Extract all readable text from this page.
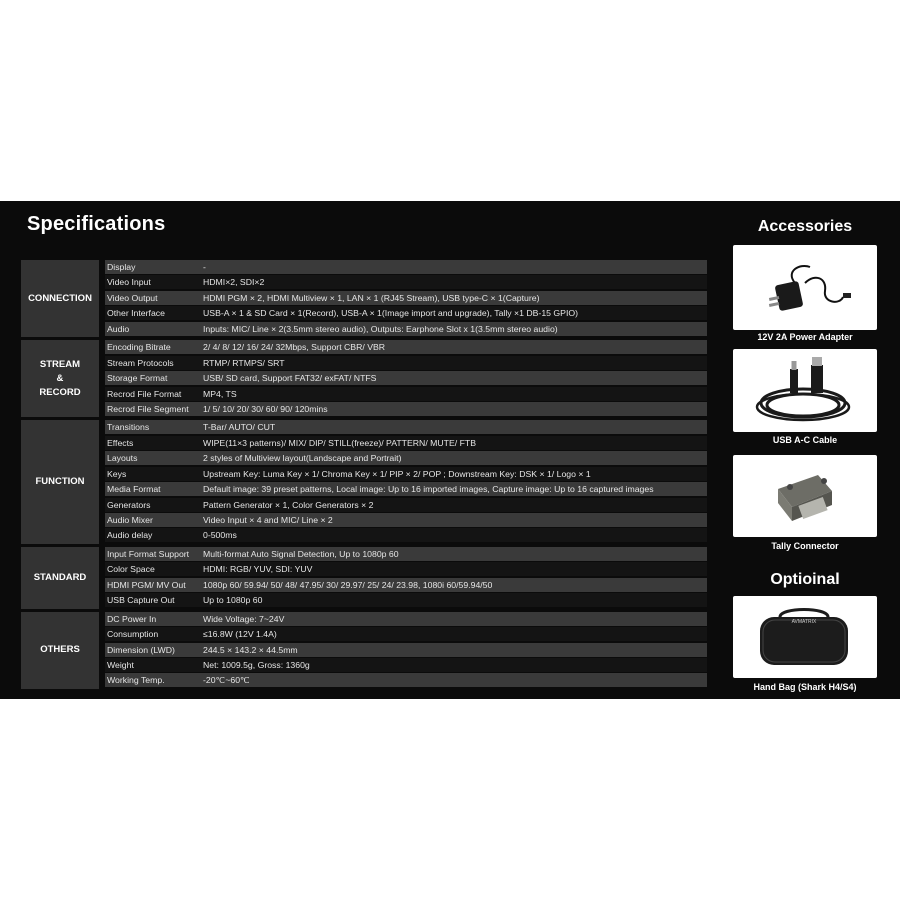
Specifications
CONNECTION
Display	-
Video Input	HDMI×2, SDI×2
Video Output	HDMI PGM × 2, HDMI Multiview × 1, LAN × 1 (RJ45 Stream), USB type-C × 1(Capture)
Other Interface	USB-A × 1 & SD Card × 1(Record), USB-A × 1(Image import and upgrade), Tally ×1 DB-15 GPIO)
Audio	Inputs: MIC/ Line × 2(3.5mm stereo audio), Outputs: Earphone Slot x 1(3.5mm stereo audio)
STREAM
&
RECORD
Encoding Bitrate	2/ 4/ 8/ 12/ 16/ 24/ 32Mbps, Support CBR/ VBR
Stream Protocols	RTMP/ RTMPS/ SRT
Storage Format	USB/ SD card, Support FAT32/ exFAT/ NTFS
Recrod File Format	MP4, TS
Recrod File Segment	1/ 5/ 10/ 20/ 30/ 60/ 90/ 120mins
FUNCTION
Transitions	T-Bar/ AUTO/ CUT
Effects	WIPE(11×3 patterns)/ MIX/ DIP/ STILL(freeze)/ PATTERN/ MUTE/ FTB
Layouts	2 styles of Multiview layout(Landscape and Portrait)
Keys	Upstream Key: Luma Key × 1/ Chroma Key × 1/ PIP × 2/ POP ; Downstream Key: DSK × 1/ Logo × 1
Media Format	Default image: 39 preset patterns, Local image: Up to 16 imported images, Capture image: Up to 16 captured images
Generators	Pattern Generator × 1, Color Generators × 2
Audio Mixer	Video Input × 4 and MIC/ Line × 2
Audio delay	0-500ms
STANDARD
Input Format Support	Multi-format Auto Signal Detection, Up to 1080p 60
Color Space	HDMI: RGB/ YUV, SDI: YUV
HDMI PGM/ MV Out	1080p 60/ 59.94/ 50/ 48/ 47.95/ 30/ 29.97/ 25/ 24/ 23.98, 1080i 60/59.94/50
USB Capture Out	Up to 1080p 60
OTHERS
DC Power In	Wide Voltage: 7~24V
Consumption	≤16.8W (12V 1.4A)
Dimension (LWD)	244.5 × 143.2 × 44.5mm
Weight	Net: 1009.5g, Gross: 1360g
Working Temp.	-20℃~60℃
Accessories
12V 2A Power Adapter
USB A-C Cable
Tally Connector
Optioinal
AVMATRIX
Hand Bag (Shark H4/S4)
